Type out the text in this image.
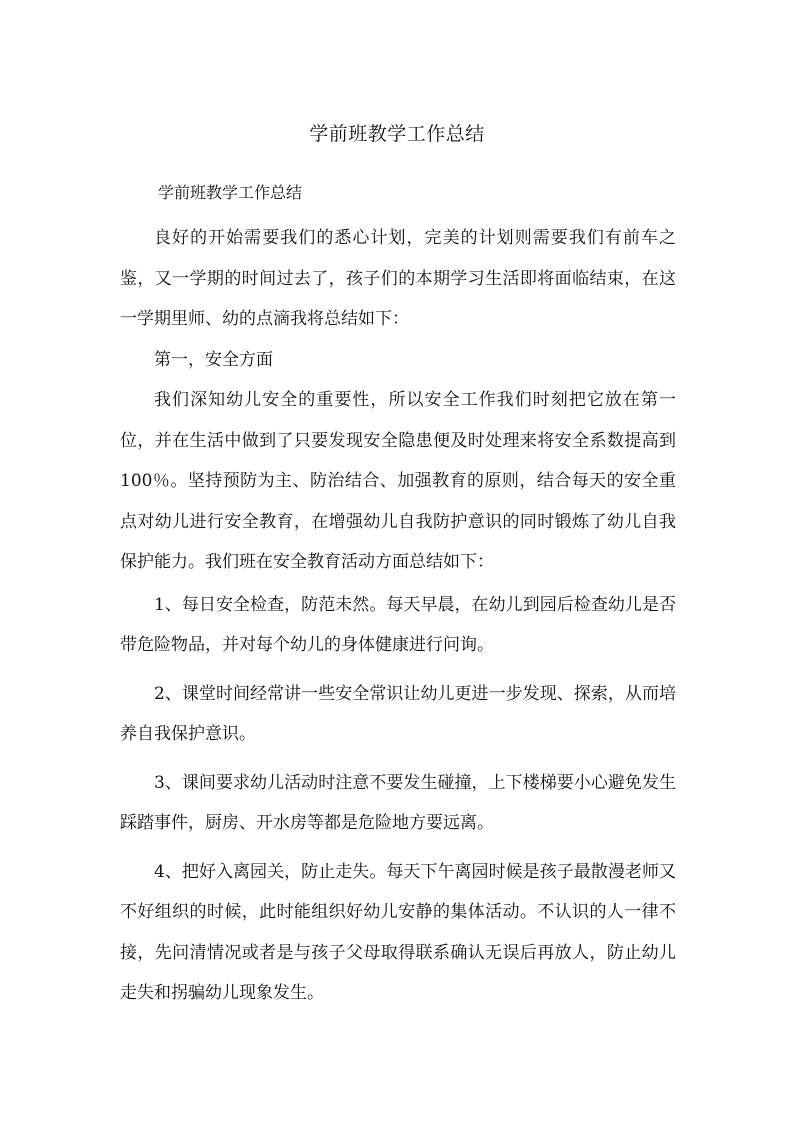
学前班教学工作总结
学前班教学工作总结

良好的开始需要我们的悉心计划，完美的计划则需要我们有前车之鉴，又一学期的时间过去了，孩子们的本期学习生活即将面临结束，在这一学期里师、幼的点滴我将总结如下：

第一，安全方面

我们深知幼儿安全的重要性，所以安全工作我们时刻把它放在第一位，并在生活中做到了只要发现安全隐患便及时处理来将安全系数提高到100％。坚持预防为主、防治结合、加强教育的原则，结合每天的安全重点对幼儿进行安全教育，在增强幼儿自我防护意识的同时锻炼了幼儿自我保护能力。我们班在安全教育活动方面总结如下：

1、每日安全检查，防范未然。每天早晨，在幼儿到园后检查幼儿是否带危险物品，并对每个幼儿的身体健康进行问询。

2、课堂时间经常讲一些安全常识让幼儿更进一步发现、探索，从而培养自我保护意识。

3、课间要求幼儿活动时注意不要发生碰撞，上下楼梯要小心避免发生踩踏事件，厨房、开水房等都是危险地方要远离。

4、把好入离园关，防止走失。每天下午离园时候是孩子最散漫老师又不好组织的时候，此时能组织好幼儿安静的集体活动。不认识的人一律不接，先问清情况或者是与孩子父母取得联系确认无误后再放人，防止幼儿走失和拐骗幼儿现象发生。
